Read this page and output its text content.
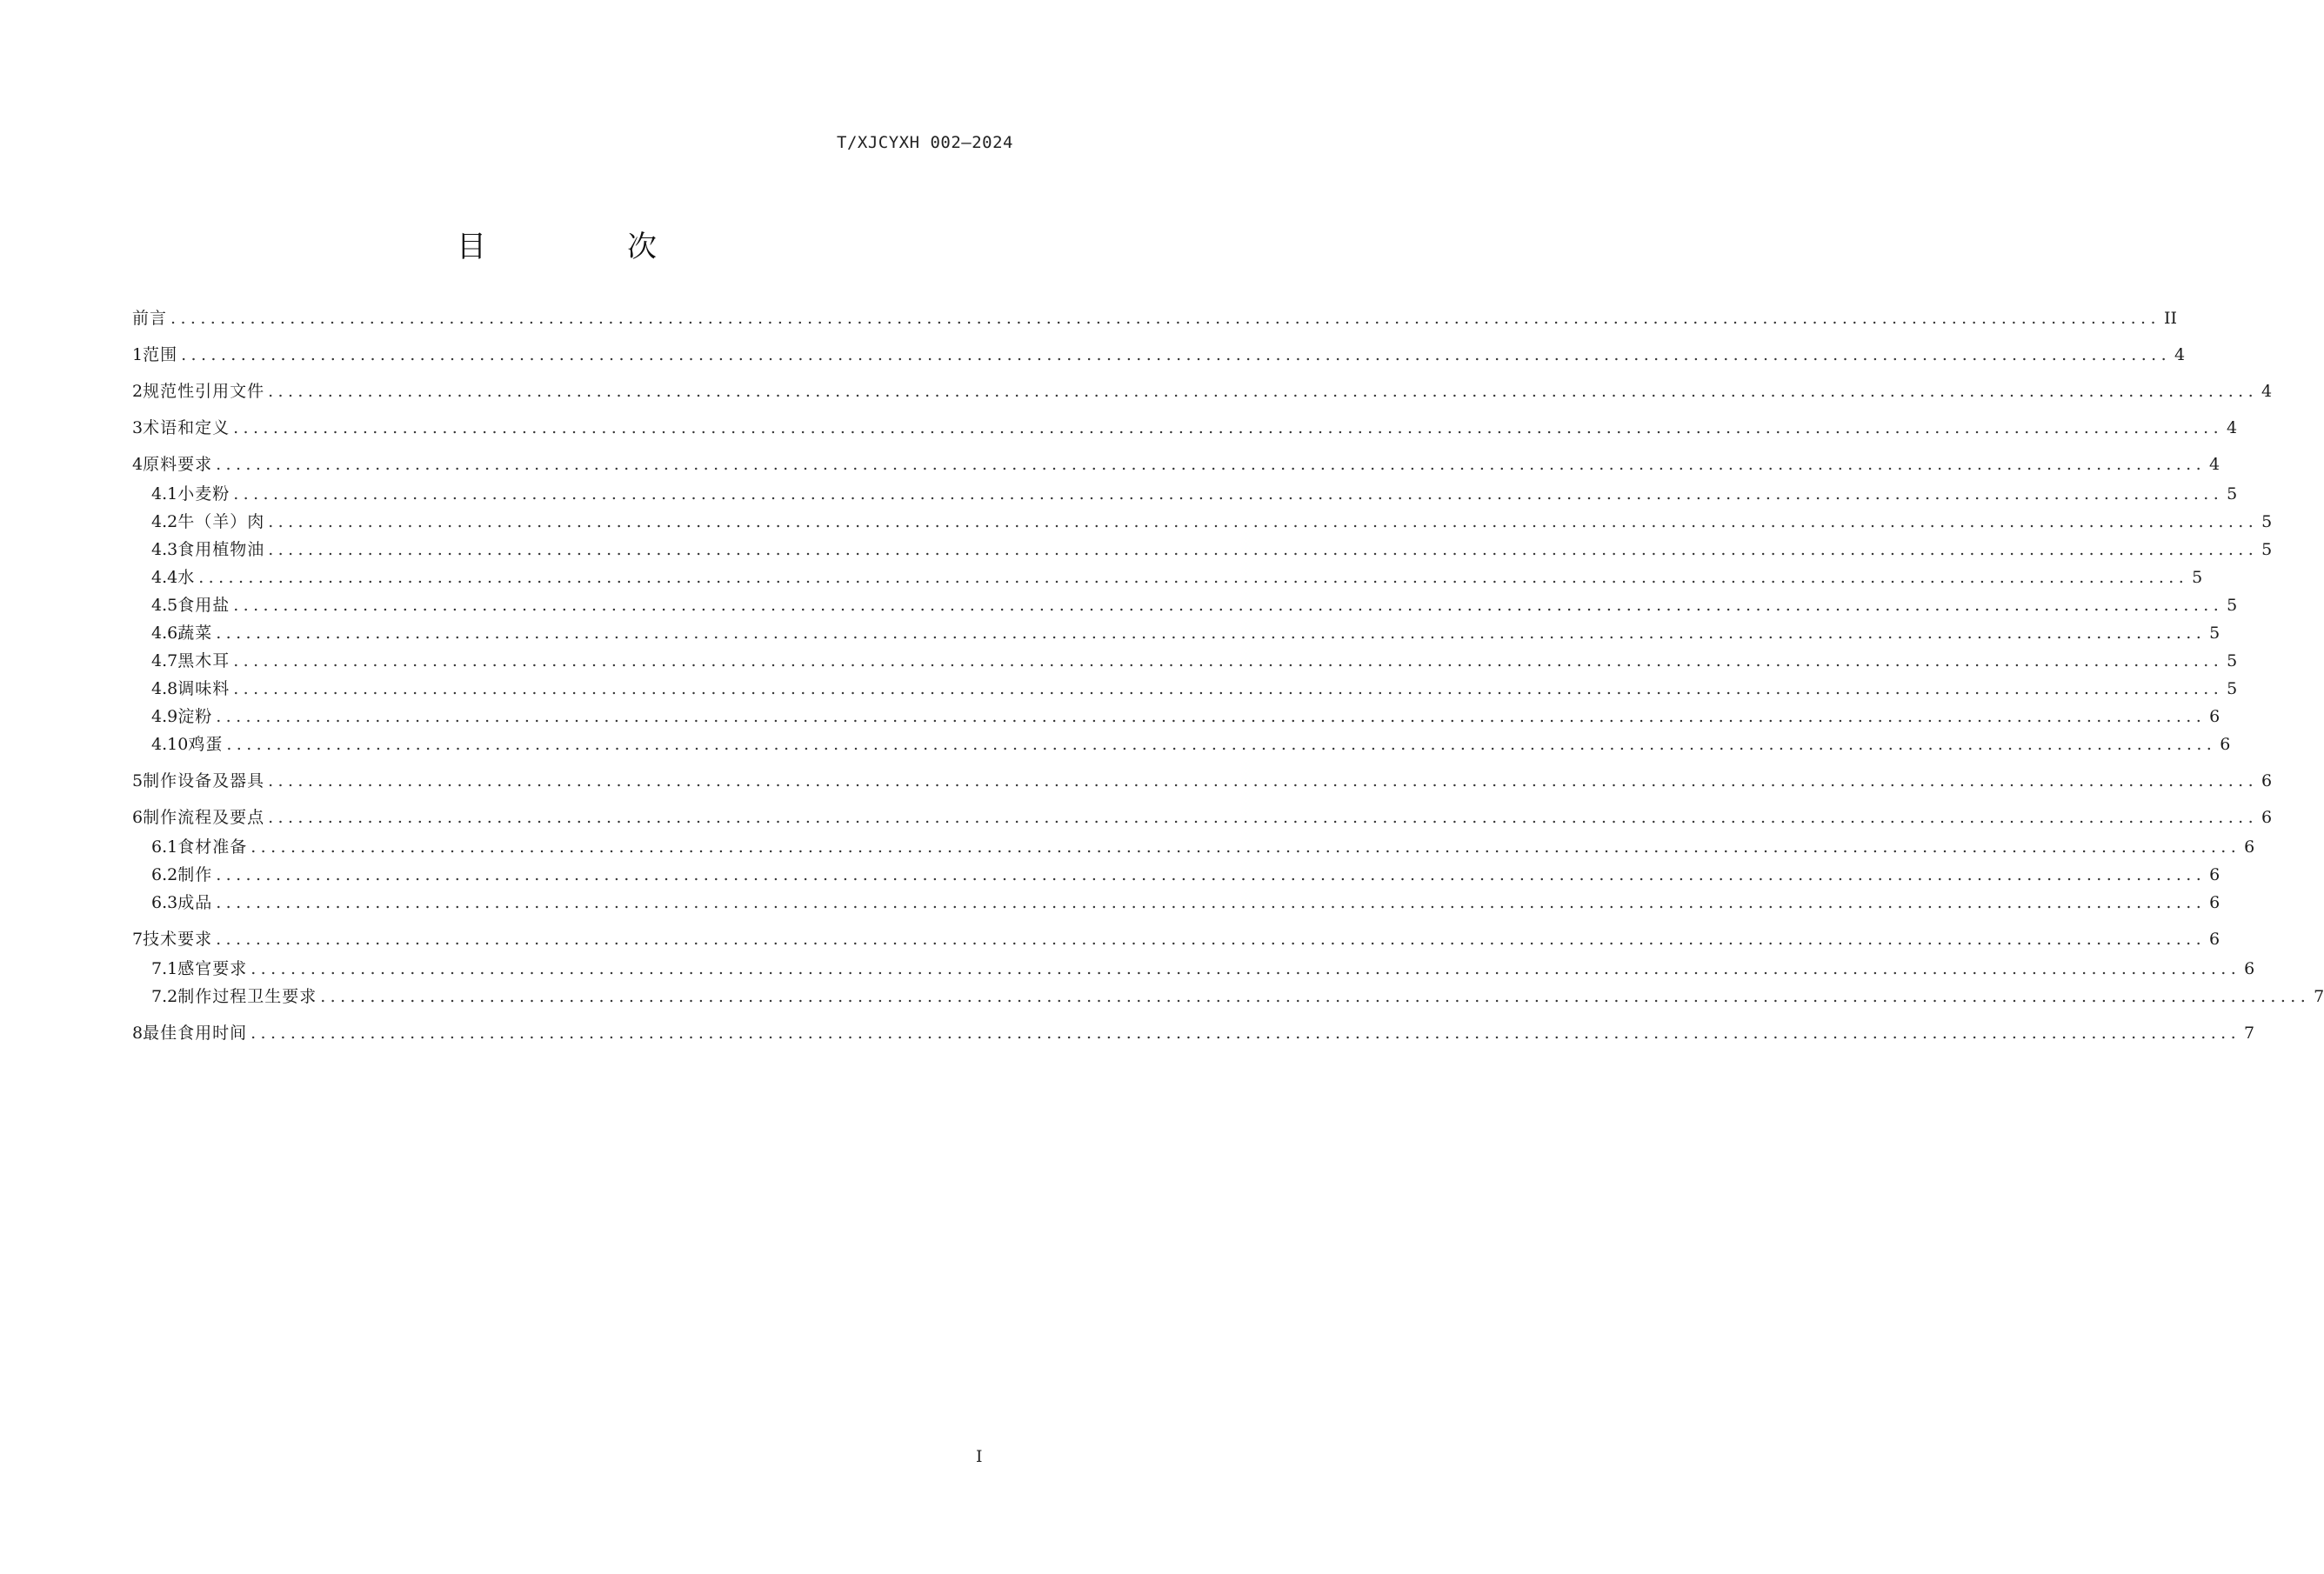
T/XJCYXH 002—2024
目　次
前言 ........................................................................................................................................................................................................ II
1 范围 ........................................................................................................................................................................................................ 4
2 规范性引用文件 ........................................................................................................................................................................................................ 4
3 术语和定义 ........................................................................................................................................................................................................ 4
4 原料要求 ........................................................................................................................................................................................................ 4
4.1 小麦粉 ........................................................................................................................................................................................................ 5
4.2 牛（羊）肉 ........................................................................................................................................................................................................ 5
4.3 食用植物油 ........................................................................................................................................................................................................ 5
4.4 水 ........................................................................................................................................................................................................ 5
4.5 食用盐 ........................................................................................................................................................................................................ 5
4.6 蔬菜 ........................................................................................................................................................................................................ 5
4.7 黑木耳 ........................................................................................................................................................................................................ 5
4.8 调味料 ........................................................................................................................................................................................................ 5
4.9 淀粉 ........................................................................................................................................................................................................ 6
4.10 鸡蛋 ........................................................................................................................................................................................................ 6
5 制作设备及器具 ........................................................................................................................................................................................................ 6
6 制作流程及要点 ........................................................................................................................................................................................................ 6
6.1 食材准备 ........................................................................................................................................................................................................ 6
6.2 制作 ........................................................................................................................................................................................................ 6
6.3 成品 ........................................................................................................................................................................................................ 6
7 技术要求 ........................................................................................................................................................................................................ 6
7.1 感官要求 ........................................................................................................................................................................................................ 6
7.2 制作过程卫生要求 ........................................................................................................................................................................................................ 7
8 最佳食用时间 ........................................................................................................................................................................................................ 7
I
